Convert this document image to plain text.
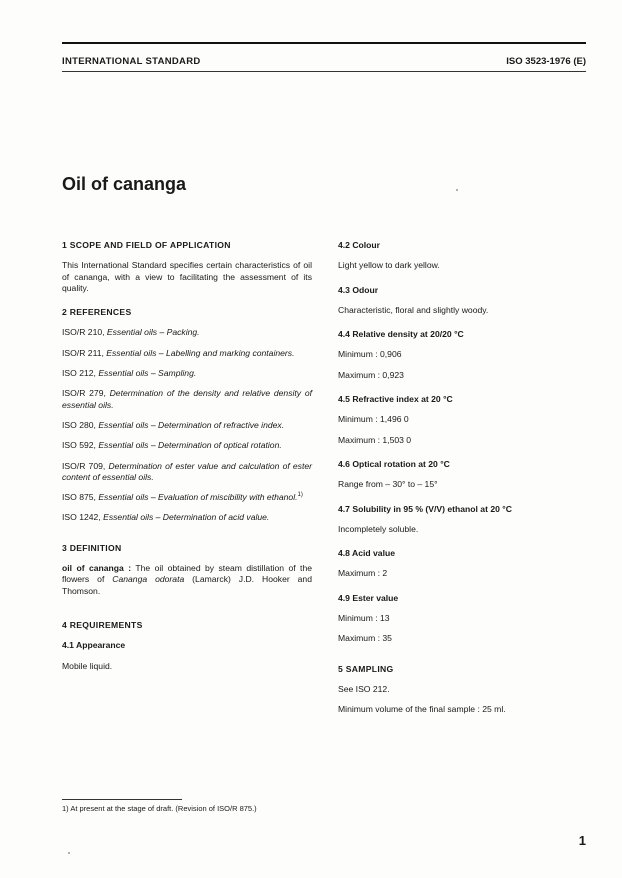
INTERNATIONAL STANDARD	ISO 3523-1976 (E)
Oil of cananga
1 SCOPE AND FIELD OF APPLICATION

This International Standard specifies certain characteristics of oil of cananga, with a view to facilitating the assessment of its quality.

2 REFERENCES

ISO/R 210, Essential oils – Packing.

ISO/R 211, Essential oils – Labelling and marking containers.

ISO 212, Essential oils – Sampling.

ISO/R 279, Determination of the density and relative density of essential oils.

ISO 280, Essential oils – Determination of refractive index.

ISO 592, Essential oils – Determination of optical rotation.

ISO/R 709, Determination of ester value and calculation of ester content of essential oils.

ISO 875, Essential oils – Evaluation of miscibility with ethanol.$^{1)}$

ISO 1242, Essential oils – Determination of acid value.

3 DEFINITION

oil of cananga : The oil obtained by steam distillation of the flowers of Cananga odorata (Lamarck) J.D. Hooker and Thomson.

4 REQUIREMENTS
4.1 Appearance

Mobile liquid.

4.2 Colour

Light yellow to dark yellow.

4.3 Odour

Characteristic, floral and slightly woody.

4.4 Relative density at 20/20 °C

Minimum : 0,906

Maximum : 0,923

4.5 Refractive index at 20 °C

Minimum : 1,496 0

Maximum : 1,503 0

4.6 Optical rotation at 20 °C

Range from – 30° to – 15°

4.7 Solubility in 95 % (V/V) ethanol at 20 °C

Incompletely soluble.

4.8 Acid value

Maximum : 2

4.9 Ester value

Minimum : 13

Maximum : 35

5 SAMPLING

See ISO 212.

Minimum volume of the final sample : 25 ml.

1) At present at the stage of draft. (Revision of ISO/R 875.)
1
